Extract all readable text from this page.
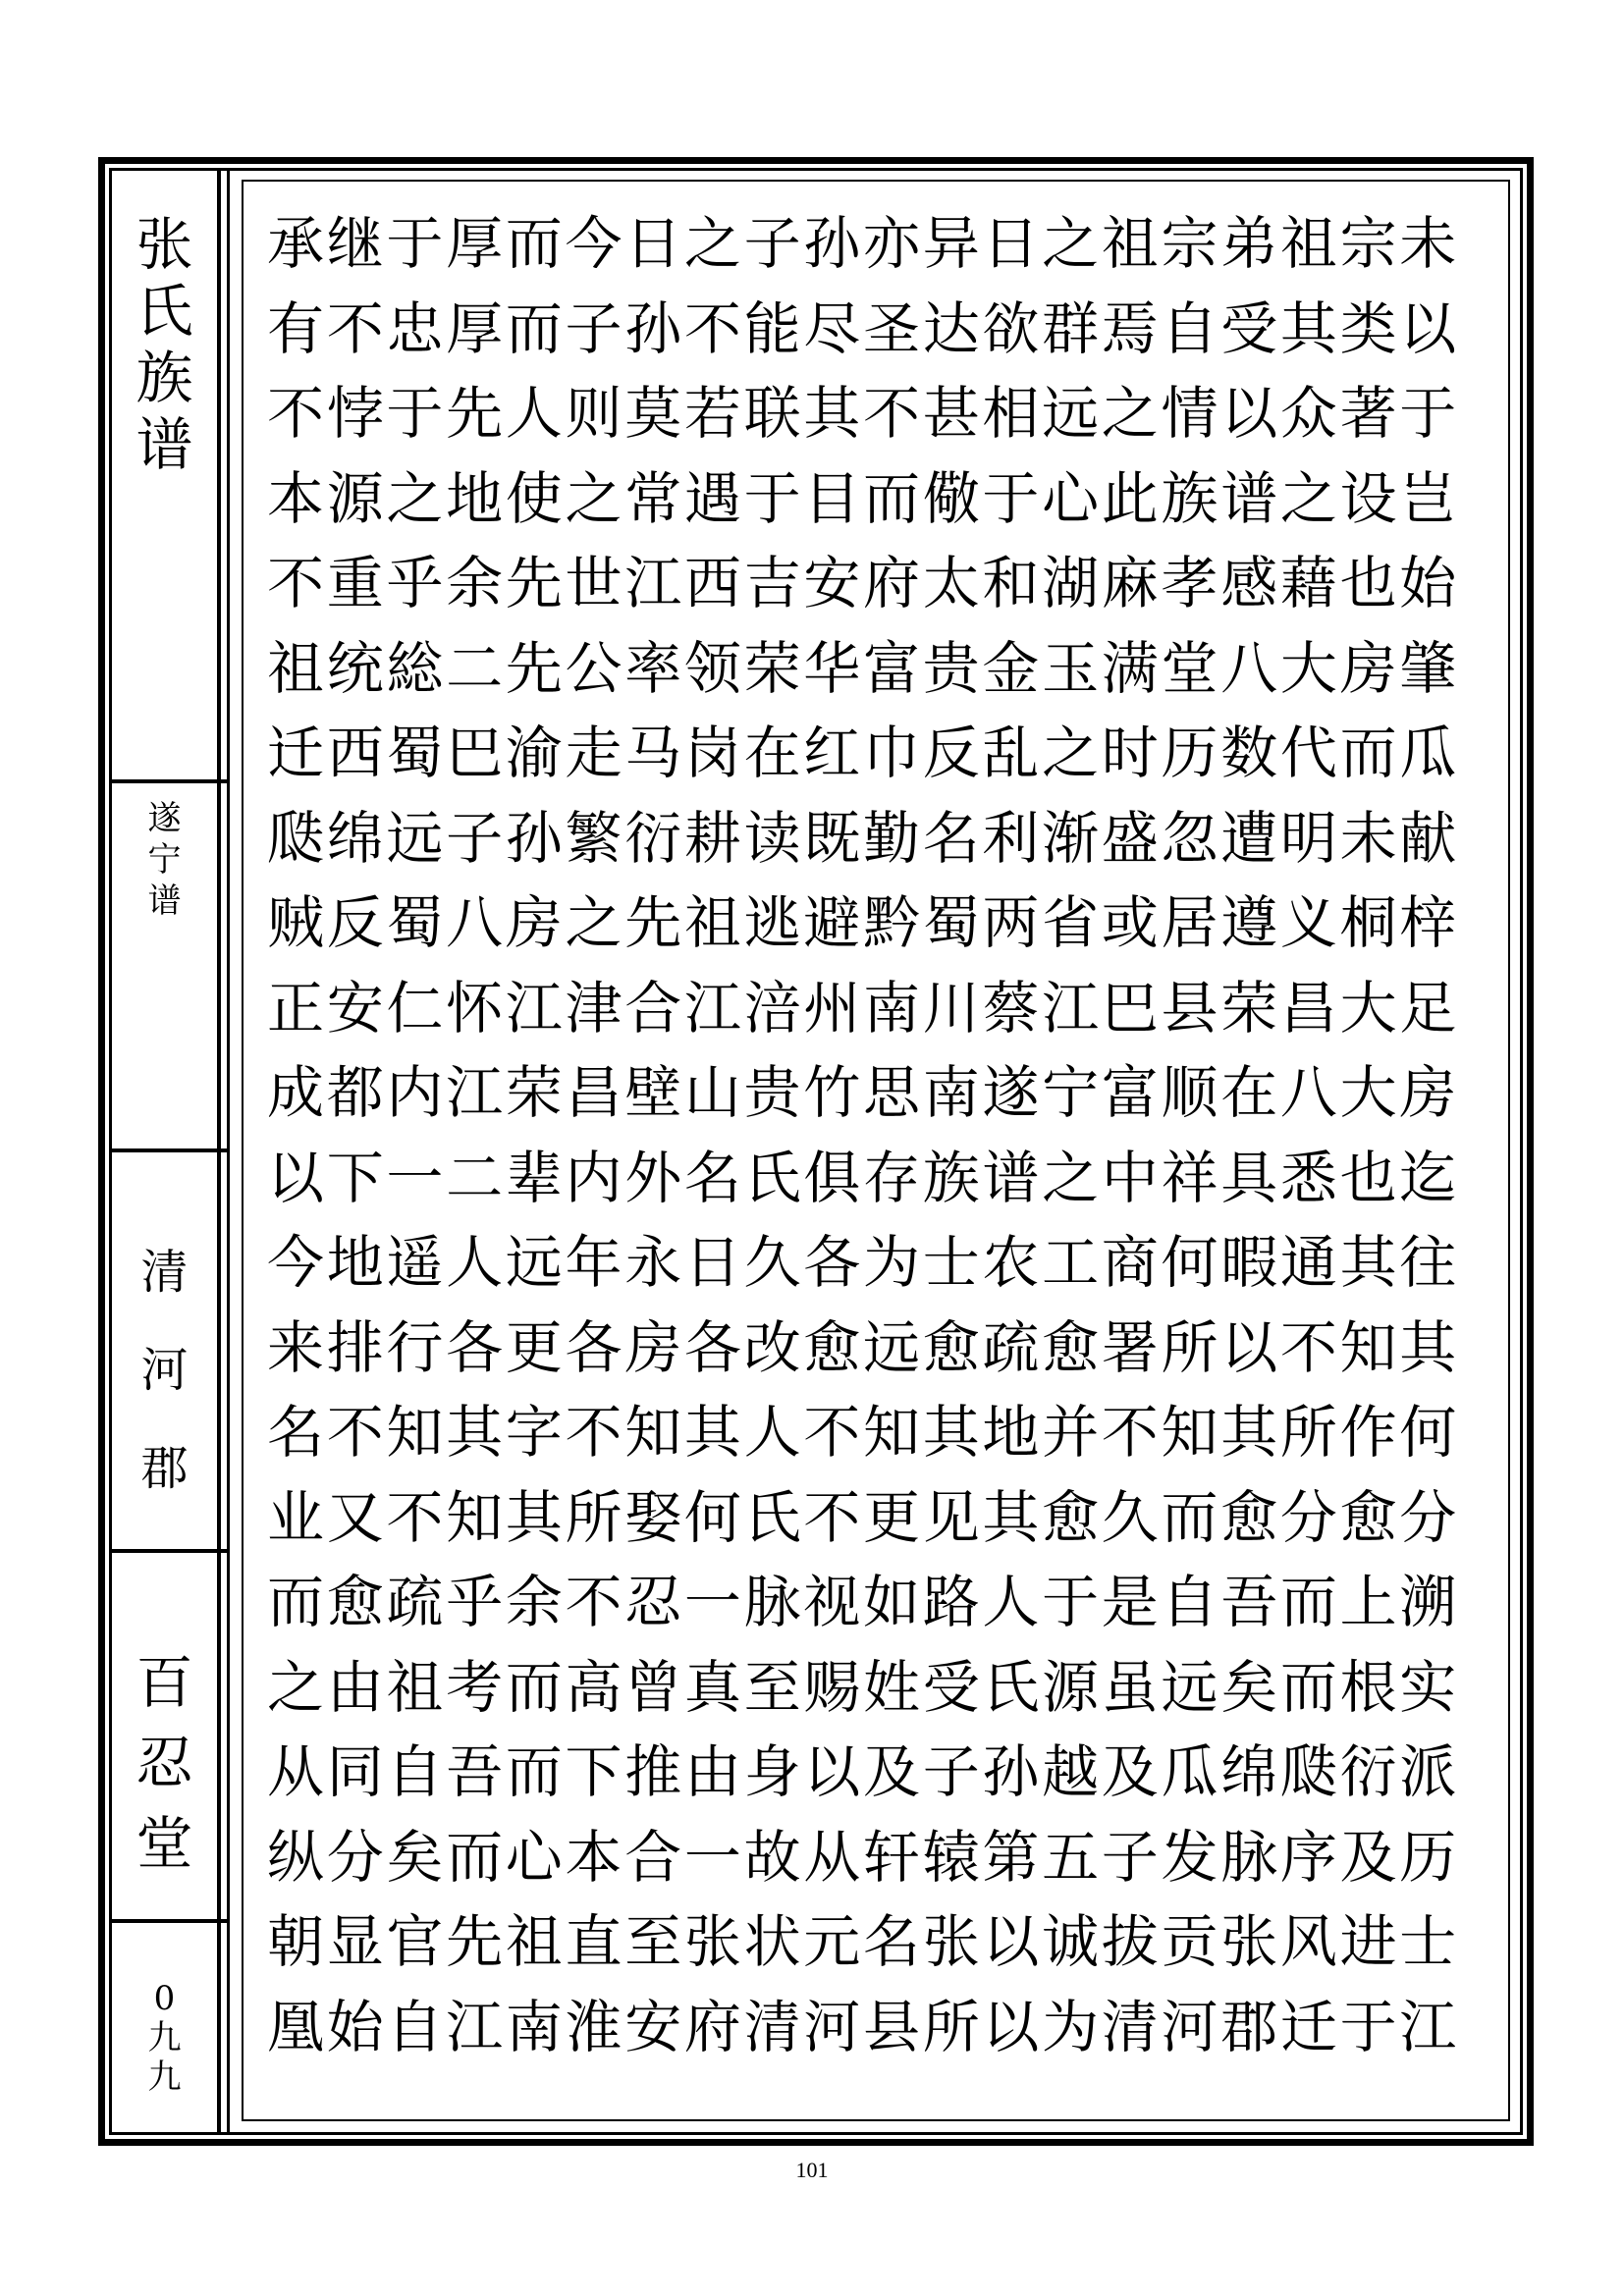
张
氏
族
谱
遂
宁
谱
清
河
郡
百
忍
堂
0
九
九
承继于厚而今日之子孙亦异日之祖宗弟祖宗未
有不忠厚而子孙不能尽圣达欲群焉自受其类以
不悖于先人则莫若联其不甚相远之情以众著于
本源之地使之常遇于目而儆于心此族谱之设岂
不重乎余先世江西吉安府太和湖麻孝感藉也始
祖统総二先公率领荣华富贵金玉满堂八大房肇
迁西蜀巴渝走马岗在红巾反乱之时历数代而瓜
瓞绵远子孙繁衍耕读既勤名利渐盛忽遭明未献
贼反蜀八房之先祖逃避黔蜀两省或居遵义桐梓
正安仁怀江津合江涪州南川蔡江巴县荣昌大足
成都内江荣昌壁山贵竹思南遂宁富顺在八大房
以下一二辈内外名氏俱存族谱之中祥具悉也迄
今地遥人远年永日久各为士农工商何暇通其往
来排行各更各房各改愈远愈疏愈署所以不知其
名不知其字不知其人不知其地并不知其所作何
业又不知其所娶何氏不更见其愈久而愈分愈分
而愈疏乎余不忍一脉视如路人于是自吾而上溯
之由祖考而高曾真至赐姓受氏源虽远矣而根实
从同自吾而下推由身以及子孙越及瓜绵瓞衍派
纵分矣而心本合一故从轩辕第五子发脉序及历
朝显官先祖直至张状元名张以诚拔贡张风进士
凰始自江南淮安府清河县所以为清河郡迁于江
101
